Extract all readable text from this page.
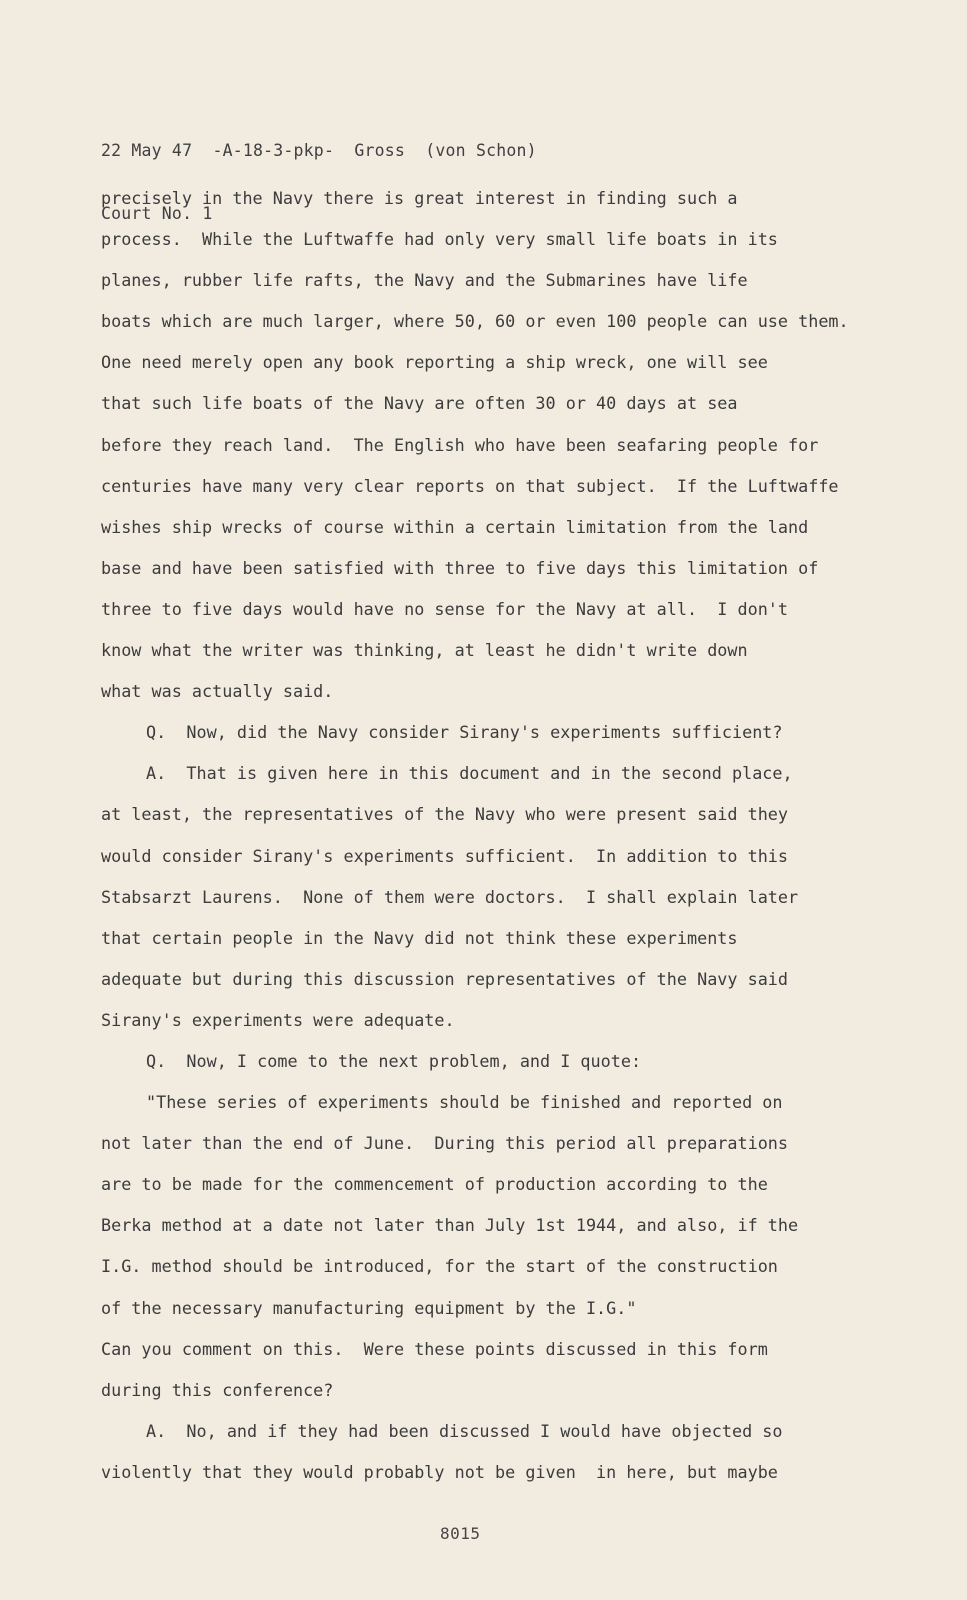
22 May 47  -A-18-3-pkp-  Gross  (von Schon)

Court No. 1

precisely in the Navy there is great interest in finding such a
process.  While the Luftwaffe had only very small life boats in its
planes, rubber life rafts, the Navy and the Submarines have life
boats which are much larger, where 50, 60 or even 100 people can use them.
One need merely open any book reporting a ship wreck, one will see
that such life boats of the Navy are often 30 or 40 days at sea
before they reach land.  The English who have been seafaring people for
centuries have many very clear reports on that subject.  If the Luftwaffe
wishes ship wrecks of course within a certain limitation from the land
base and have been satisfied with three to five days this limitation of
three to five days would have no sense for the Navy at all.  I don't
know what the writer was thinking, at least he didn't write down
what was actually said.
Q.  Now, did the Navy consider Sirany's experiments sufficient?
A.  That is given here in this document and in the second place,
at least, the representatives of the Navy who were present said they
would consider Sirany's experiments sufficient.  In addition to this
Stabsarzt Laurens.  None of them were doctors.  I shall explain later
that certain people in the Navy did not think these experiments
adequate but during this discussion representatives of the Navy said
Sirany's experiments were adequate.
Q.  Now, I come to the next problem, and I quote:
"These series of experiments should be finished and reported on
not later than the end of June.  During this period all preparations
are to be made for the commencement of production according to the
Berka method at a date not later than July 1st 1944, and also, if the
I.G. method should be introduced, for the start of the construction
of the necessary manufacturing equipment by the I.G."
Can you comment on this.  Were these points discussed in this form
during this conference?
A.  No, and if they had been discussed I would have objected so
violently that they would probably not be given  in here, but maybe
8015
